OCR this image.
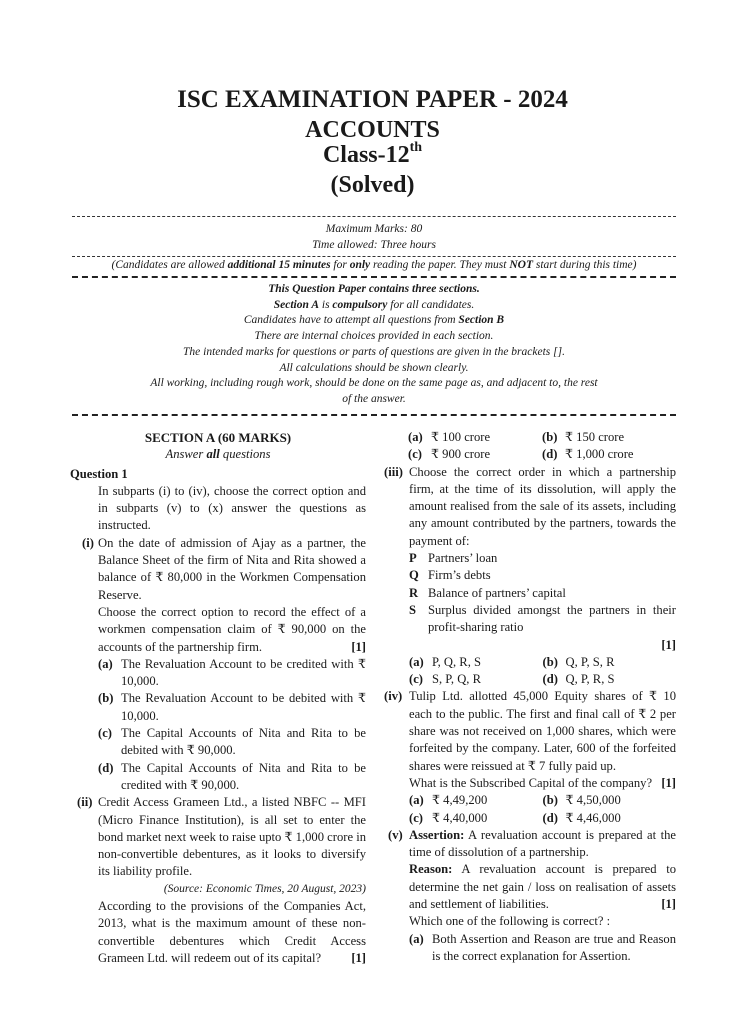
ISC EXAMINATION PAPER - 2024
ACCOUNTS
Class-12th
(Solved)
Maximum Marks: 80
Time allowed: Three hours
(Candidates are allowed additional 15 minutes for only reading the paper. They must NOT start during this time)
This Question Paper contains three sections.
Section A is compulsory for all candidates.
Candidates have to attempt all questions from Section B
There are internal choices provided in each section.
The intended marks for questions or parts of questions are given in the brackets [].
All calculations should be shown clearly.
All working, including rough work, should be done on the same page as, and adjacent to, the rest
of the answer.
SECTION A (60 MARKS)
Answer all questions
Question 1
In subparts (i) to (iv), choose the correct option and in subparts (v) to (x) answer the questions as instructed.
(i) On the date of admission of Ajay as a partner, the Balance Sheet of the firm of Nita and Rita showed a balance of ₹ 80,000 in the Workmen Compensation Reserve.
Choose the correct option to record the effect of a workmen compensation claim of ₹ 90,000 on the accounts of the partnership firm.	[1]
(a) The Revaluation Account to be credited with ₹ 10,000.
(b) The Revaluation Account to be debited with ₹ 10,000.
(c) The Capital Accounts of Nita and Rita to be debited with ₹ 90,000.
(d) The Capital Accounts of Nita and Rita to be credited with ₹ 90,000.
(ii) Credit Access Grameen Ltd., a listed NBFC -- MFI (Micro Finance Institution), is all set to enter the bond market next week to raise upto ₹ 1,000 crore in non-convertible debentures, as it looks to diversify its liability profile.
(Source: Economic Times, 20 August, 2023)
According to the provisions of the Companies Act, 2013, what is the maximum amount of these non-convertible debentures which Credit Access Grameen Ltd. will redeem out of its capital? [1]
(a) ₹ 100 crore	(b) ₹ 150 crore
(c) ₹ 900 crore	(d) ₹ 1,000 crore
(iii) Choose the correct order in which a partnership firm, at the time of its dissolution, will apply the amount realised from the sale of its assets, including any amount contributed by the partners, towards the payment of:
P Partners’ loan
Q Firm’s debts
R Balance of partners’ capital
S Surplus divided amongst the partners in their profit-sharing ratio
[1]
(a) P, Q, R, S	(b) Q, P, S, R
(c) S, P, Q, R	(d) Q, P, R, S
(iv) Tulip Ltd. allotted 45,000 Equity shares of ₹ 10 each to the public. The first and final call of ₹ 2 per share was not received on 1,000 shares, which were forfeited by the company. Later, 600 of the forfeited shares were reissued at ₹ 7 fully paid up.
What is the Subscribed Capital of the company? [1]
(a) ₹ 4,49,200	(b) ₹ 4,50,000
(c) ₹ 4,40,000	(d) ₹ 4,46,000
(v) Assertion: A revaluation account is prepared at the time of dissolution of a partnership.
Reason: A revaluation account is prepared to determine the net gain / loss on realisation of assets and settlement of liabilities.	[1]
Which one of the following is correct? :
(a) Both Assertion and Reason are true and Reason is the correct explanation for Assertion.
